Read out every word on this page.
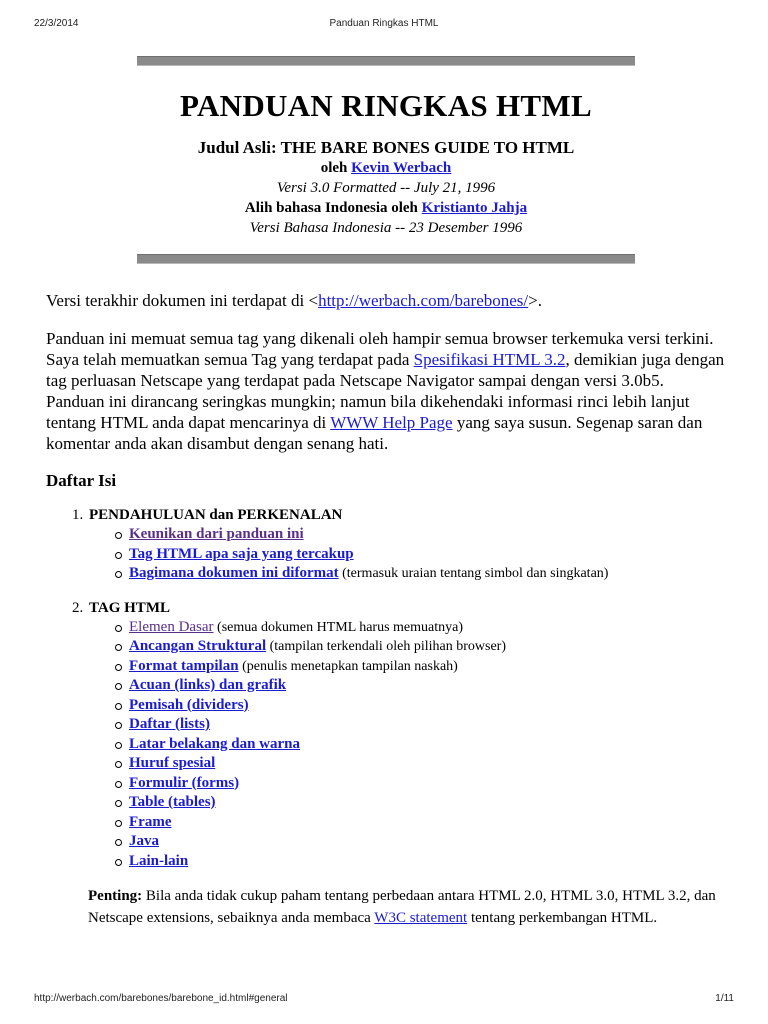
22/3/2014	Panduan Ringkas HTML
PANDUAN RINGKAS HTML
Judul Asli: THE BARE BONES GUIDE TO HTML
oleh Kevin Werbach
Versi 3.0 Formatted -- July 21, 1996
Alih bahasa Indonesia oleh Kristianto Jahja
Versi Bahasa Indonesia -- 23 Desember 1996

Versi terakhir dokumen ini terdapat di <http://werbach.com/barebones/>.

Panduan ini memuat semua tag yang dikenali oleh hampir semua browser terkemuka versi terkini. Saya telah memuatkan semua Tag yang terdapat pada Spesifikasi HTML 3.2, demikian juga dengan tag perluasan Netscape yang terdapat pada Netscape Navigator sampai dengan versi 3.0b5. Panduan ini dirancang seringkas mungkin; namun bila dikehendaki informasi rinci lebih lanjut tentang HTML anda dapat mencarinya di WWW Help Page yang saya susun. Segenap saran dan komentar anda akan disambut dengan senang hati.

Daftar Isi
1. PENDAHULUAN dan PERKENALAN
Keunikan dari panduan ini
Tag HTML apa saja yang tercakup
Bagimana dokumen ini diformat (termasuk uraian tentang simbol dan singkatan)
2. TAG HTML
Elemen Dasar (semua dokumen HTML harus memuatnya)
Ancangan Struktural (tampilan terkendali oleh pilihan browser)
Format tampilan (penulis menetapkan tampilan naskah)
Acuan (links) dan grafik
Pemisah (dividers)
Daftar (lists)
Latar belakang dan warna
Huruf spesial
Formulir (forms)
Table (tables)
Frame
Java
Lain-lain

Penting: Bila anda tidak cukup paham tentang perbedaan antara HTML 2.0, HTML 3.0, HTML 3.2, dan Netscape extensions, sebaiknya anda membaca W3C statement tentang perkembangan HTML.

http://werbach.com/barebones/barebone_id.html#general	1/11
